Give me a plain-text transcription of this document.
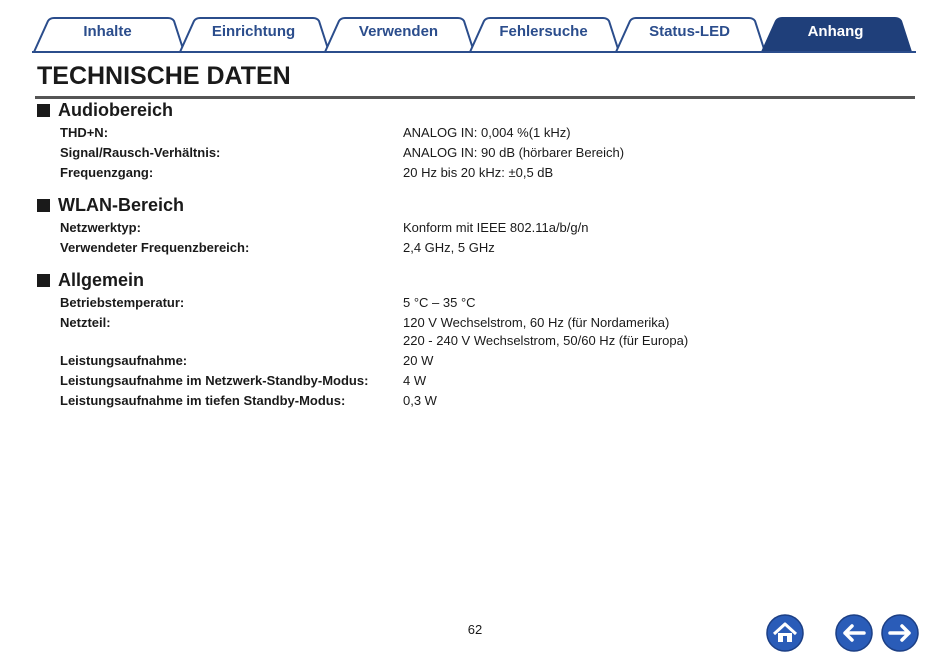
Inhalte	Einrichtung	Verwenden	Fehlersuche	Status-LED	Anhang
TECHNISCHE DATEN
Audiobereich
THD+N:	ANALOG IN: 0,004 %(1 kHz)
Signal/Rausch-Verhältnis:	ANALOG IN: 90 dB (hörbarer Bereich)
Frequenzgang:	20 Hz bis 20 kHz: ±0,5 dB
WLAN-Bereich
Netzwerktyp:	Konform mit IEEE 802.11a/b/g/n
Verwendeter Frequenzbereich:	2,4 GHz, 5 GHz
Allgemein
Betriebstemperatur:	5 °C – 35 °C
Netzteil:	120 V Wechselstrom, 60 Hz (für Nordamerika)
220 - 240 V Wechselstrom, 50/60 Hz (für Europa)
Leistungsaufnahme:	20 W
Leistungsaufnahme im Netzwerk-Standby-Modus:	4 W
Leistungsaufnahme im tiefen Standby-Modus:	0,3 W
62
